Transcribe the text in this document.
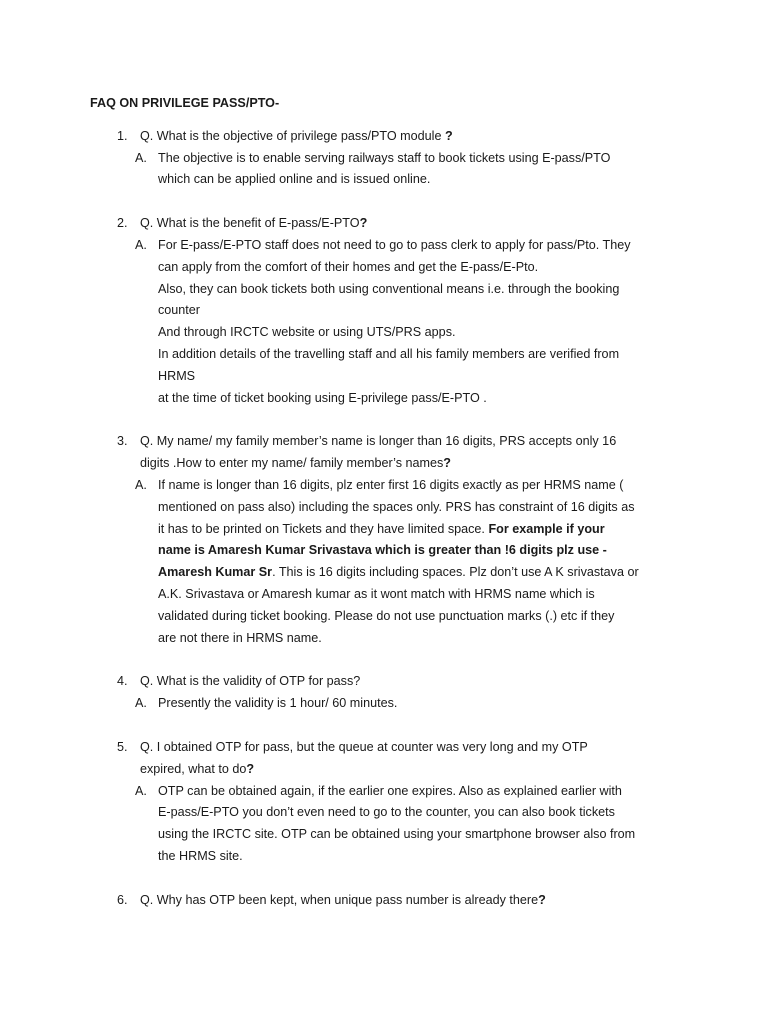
FAQ ON PRIVILEGE PASS/PTO-
1. Q. What is the objective of privilege pass/PTO module ?
A. The objective is to enable serving railways staff to book tickets using E-pass/PTO
which can be applied online and is issued online.
2. Q. What is the benefit of E-pass/E-PTO?
A. For E-pass/E-PTO staff does not need to go to pass clerk to apply for pass/Pto. They
can apply from the comfort of their homes and get the E-pass/E-Pto.
Also, they can book tickets both using conventional means i.e. through the booking
counter
And through IRCTC website or using UTS/PRS apps.
In addition details of the travelling staff and all his family members are verified from
HRMS
at the time of ticket booking using E-privilege pass/E-PTO .
3. Q. My name/ my family member’s name is longer than 16 digits, PRS accepts only 16
digits .How to enter my name/ family member’s names?
A. If name is longer than 16 digits, plz enter first 16 digits exactly as per HRMS name (
mentioned on pass also) including the spaces only. PRS has constraint of 16 digits as
it has to be printed on Tickets and they have limited space. For example if your
name is Amaresh Kumar Srivastava which is greater than !6 digits plz use -
Amaresh Kumar Sr. This is 16 digits including spaces. Plz don’t use A K srivastava or
A.K. Srivastava or Amaresh kumar as it wont match with HRMS name which is
validated during ticket booking. Please do not use punctuation marks (.) etc if they
are not there in HRMS name.
4. Q. What is the validity of OTP for pass?
A. Presently the validity is 1 hour/ 60 minutes.
5. Q. I obtained OTP for pass, but the queue at counter was very long and my OTP
expired, what to do?
A. OTP can be obtained again, if the earlier one expires. Also as explained earlier with
E-pass/E-PTO you don’t even need to go to the counter, you can also book tickets
using the IRCTC site. OTP can be obtained using your smartphone browser also from
the HRMS site.
6. Q. Why has OTP been kept, when unique pass number is already there?
